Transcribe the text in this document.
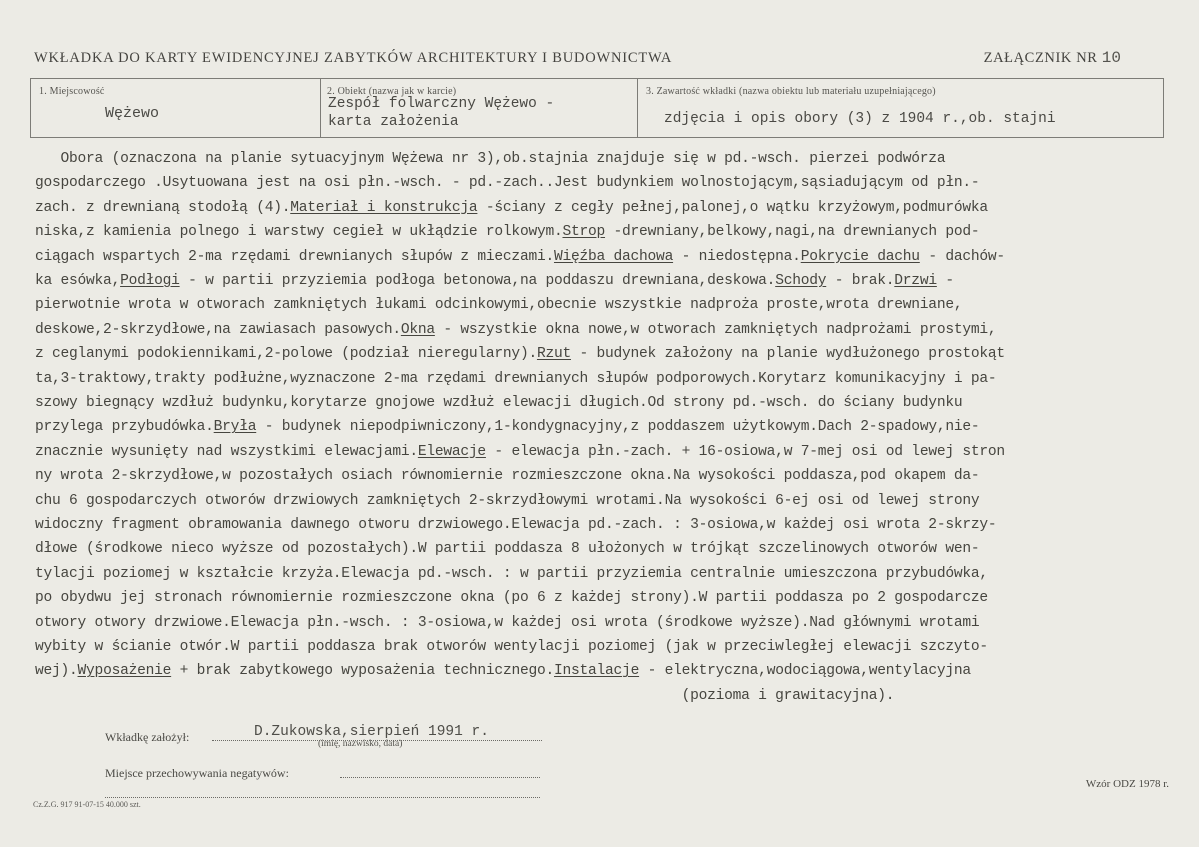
WKŁADKA DO KARTY EWIDENCYJNEJ ZABYTKÓW ARCHITEKTURY I BUDOWNICTWA	ZAŁĄCZNIK NR 10
1. Miejscowość
Wężewo
2. Obiekt (nazwa jak w karcie)
Zespół folwarczny Wężewo -
karta założenia
3. Zawartość wkładki (nazwa obiektu lub materiału uzupełniającego)
zdjęcia i opis obory (3) z 1904 r.,ob. stajni
Obora (oznaczona na planie sytuacyjnym Wężewa nr 3),ob.stajnia znajduje się w pd.-wsch. pierzei podwórza
gospodarczego .Usytuowana jest na osi płn.-wsch. - pd.-zach..Jest budynkiem wolnostojącym,sąsiadującym od płn.-
zach. z drewnianą stodołą (4).Materiał i konstrukcja -ściany z cegły pełnej,palonej,o wątku krzyżowym,podmurówka
niska,z kamienia polnego i warstwy cegieł w ukłądzie rolkowym.Strop -drewniany,belkowy,nagi,na drewnianych pod-
ciągach wspartych 2-ma rzędami drewnianych słupów z mieczami.Więźba dachowa - niedostępna.Pokrycie dachu - dachów-
ka esówka,Podłogi - w partii przyziemia podłoga betonowa,na poddaszu drewniana,deskowa.Schody - brak.Drzwi -
pierwotnie wrota w otworach zamkniętych łukami odcinkowymi,obecnie wszystkie nadproża proste,wrota drewniane,
deskowe,2-skrzydłowe,na zawiasach pasowych.Okna - wszystkie okna nowe,w otworach zamkniętych nadprożami prostymi,
z ceglanymi podokiennikami,2-polowe (podział nieregularny).Rzut - budynek założony na planie wydłużonego prostokąt
ta,3-traktowy,trakty podłużne,wyznaczone 2-ma rzędami drewnianych słupów podporowych.Korytarz komunikacyjny i pa-
szowy biegnący wzdłuż budynku,korytarze gnojowe wzdłuż elewacji długich.Od strony pd.-wsch. do ściany budynku
przylega przybudówka.Bryła - budynek niepodpiwniczony,1-kondygnacyjny,z poddaszem użytkowym.Dach 2-spadowy,nie-
znacznie wysunięty nad wszystkimi elewacjami.Elewacje - elewacja płn.-zach. + 16-osiowa,w 7-mej osi od lewej stron
ny wrota 2-skrzydłowe,w pozostałych osiach równomiernie rozmieszczone okna.Na wysokości poddasza,pod okapem da-
chu 6 gospodarczych otworów drzwiowych zamkniętych 2-skrzydłowymi wrotami.Na wysokości 6-ej osi od lewej strony
widoczny fragment obramowania dawnego otworu drzwiowego.Elewacja pd.-zach. : 3-osiowa,w każdej osi wrota 2-skrzy-
dłowe (środkowe nieco wyższe od pozostałych).W partii poddasza 8 ułożonych w trójkąt szczelinowych otworów wen-
tylacji poziomej w kształcie krzyża.Elewacja pd.-wsch. : w partii przyziemia centralnie umieszczona przybudówka,
po obydwu jej stronach równomiernie rozmieszczone okna (po 6 z każdej strony).W partii poddasza po 2 gospodarcze
otwory otwory drzwiowe.Elewacja płn.-wsch. : 3-osiowa,w każdej osi wrota (środkowe wyższe).Nad głównymi wrotami
wybity w ścianie otwór.W partii poddasza brak otworów wentylacji poziomej (jak w przeciwległej elewacji szczyto-
wej).Wyposażenie + brak zabytkowego wyposażenia technicznego.Instalacje - elektryczna,wodociągowa,wentylacyjna
(pozioma i grawitacyjna).
Wkładkę założył:	D.Zukowska,sierpień 1991 r.
(imię, nazwisko, data)
Miejsce przechowywania negatywów:
Cz.Z.G. 917 91-07-15 40.000 szt.
Wzór ODZ 1978 r.
